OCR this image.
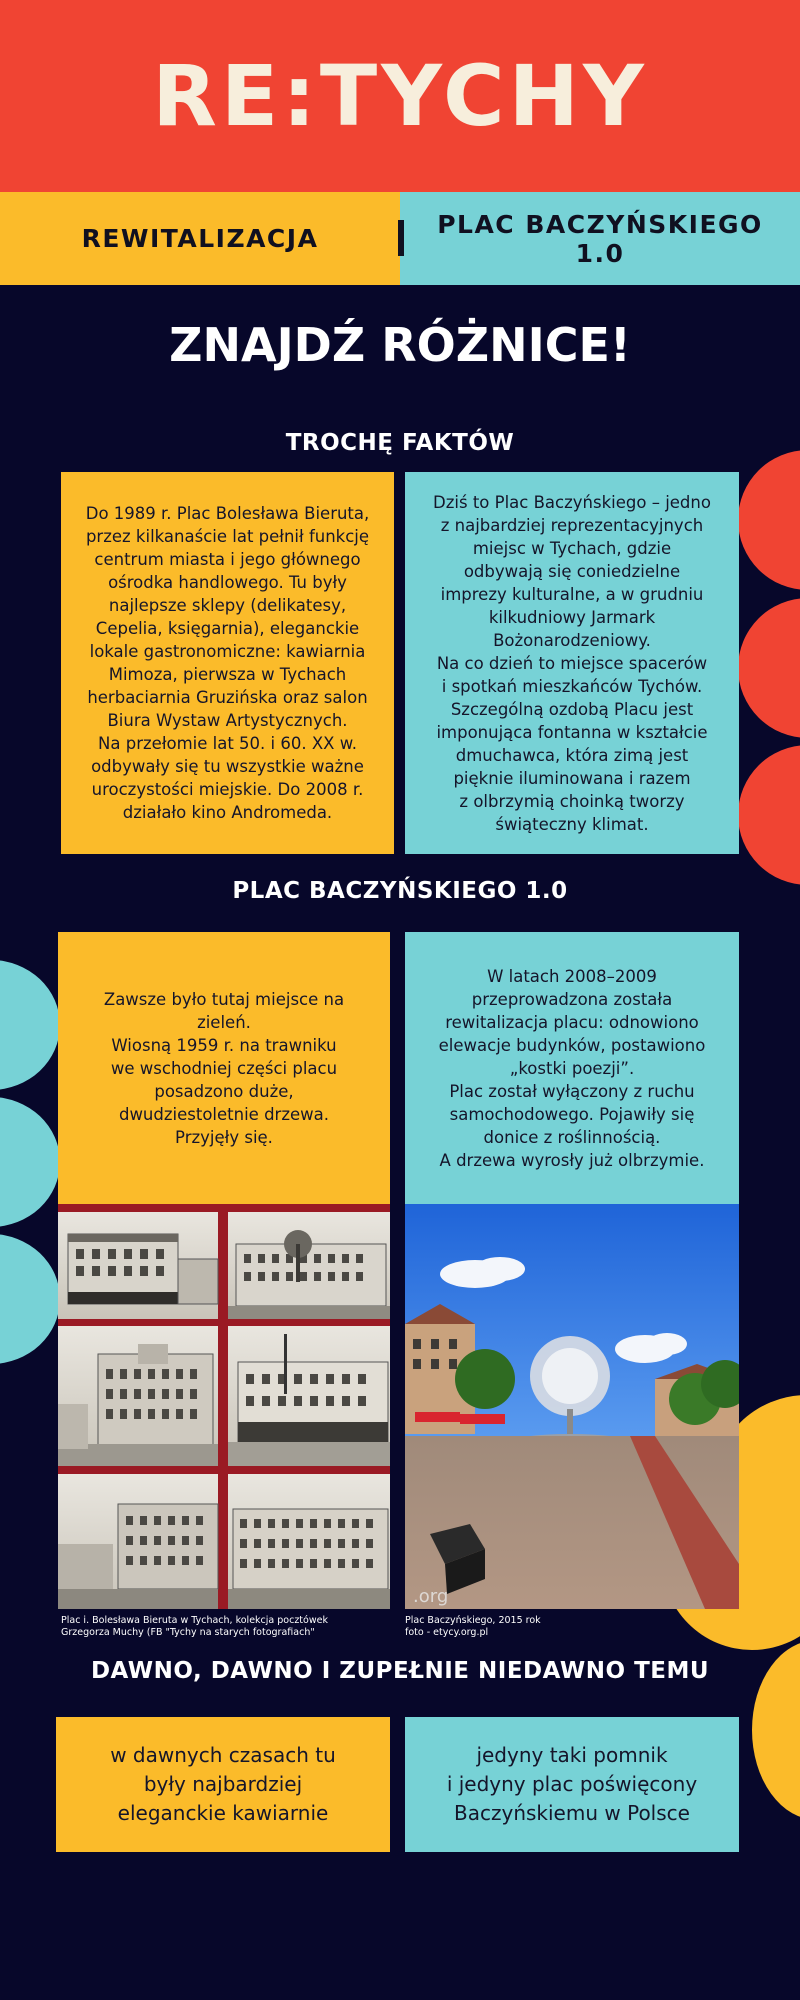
RE:TYCHY
REWITALIZACJA	PLAC BACZYŃSKIEGO 1.0
ZNAJDŹ RÓŻNICE!
TROCHĘ FAKTÓW
Do 1989 r. Plac Bolesława Bieruta,
przez kilkanaście lat pełnił funkcję
centrum miasta i jego głównego
ośrodka handlowego. Tu były
najlepsze sklepy (delikatesy,
Cepelia, księgarnia), eleganckie
lokale gastronomiczne: kawiarnia
Mimoza, pierwsza w Tychach
herbaciarnia Gruzińska oraz salon
Biura Wystaw Artystycznych.
Na przełomie lat 50. i 60. XX w.
odbywały się tu wszystkie ważne
uroczystości miejskie. Do 2008 r.
działało kino Andromeda.
Dziś to Plac Baczyńskiego – jedno
z najbardziej reprezentacyjnych
miejsc w Tychach, gdzie
odbywają się coniedzielne
imprezy kulturalne, a w grudniu
kilkudniowy Jarmark
Bożonarodzeniowy.
Na co dzień to miejsce spacerów
i spotkań mieszkańców Tychów.
Szczególną ozdobą Placu jest
imponująca fontanna w kształcie
dmuchawca, która zimą jest
pięknie iluminowana i razem
z olbrzymią choinką tworzy
świąteczny klimat.
PLAC BACZYŃSKIEGO 1.0
Zawsze było tutaj miejsce na
zieleń.
Wiosną 1959 r. na trawniku
we wschodniej części placu
posadzono duże,
dwudziestoletnie drzewa.
Przyjęły się.
W latach 2008–2009
przeprowadzona została
rewitalizacja placu: odnowiono
elewacje budynków, postawiono
„kostki poezji”.
Plac został wyłączony z ruchu
samochodowego. Pojawiły się
donice z roślinnością.
A drzewa wyrosły już olbrzymie.
.org
Plac i. Bolesława Bieruta w Tychach, kolekcja pocztówek
Grzegorza Muchy (FB "Tychy na starych fotografiach"
Plac Baczyńskiego, 2015 rok
foto - etycy.org.pl
DAWNO, DAWNO I ZUPEŁNIE NIEDAWNO TEMU
w dawnych czasach tu
były najbardziej
eleganckie kawiarnie
jedyny taki pomnik
i jedyny plac poświęcony
Baczyńskiemu w Polsce
